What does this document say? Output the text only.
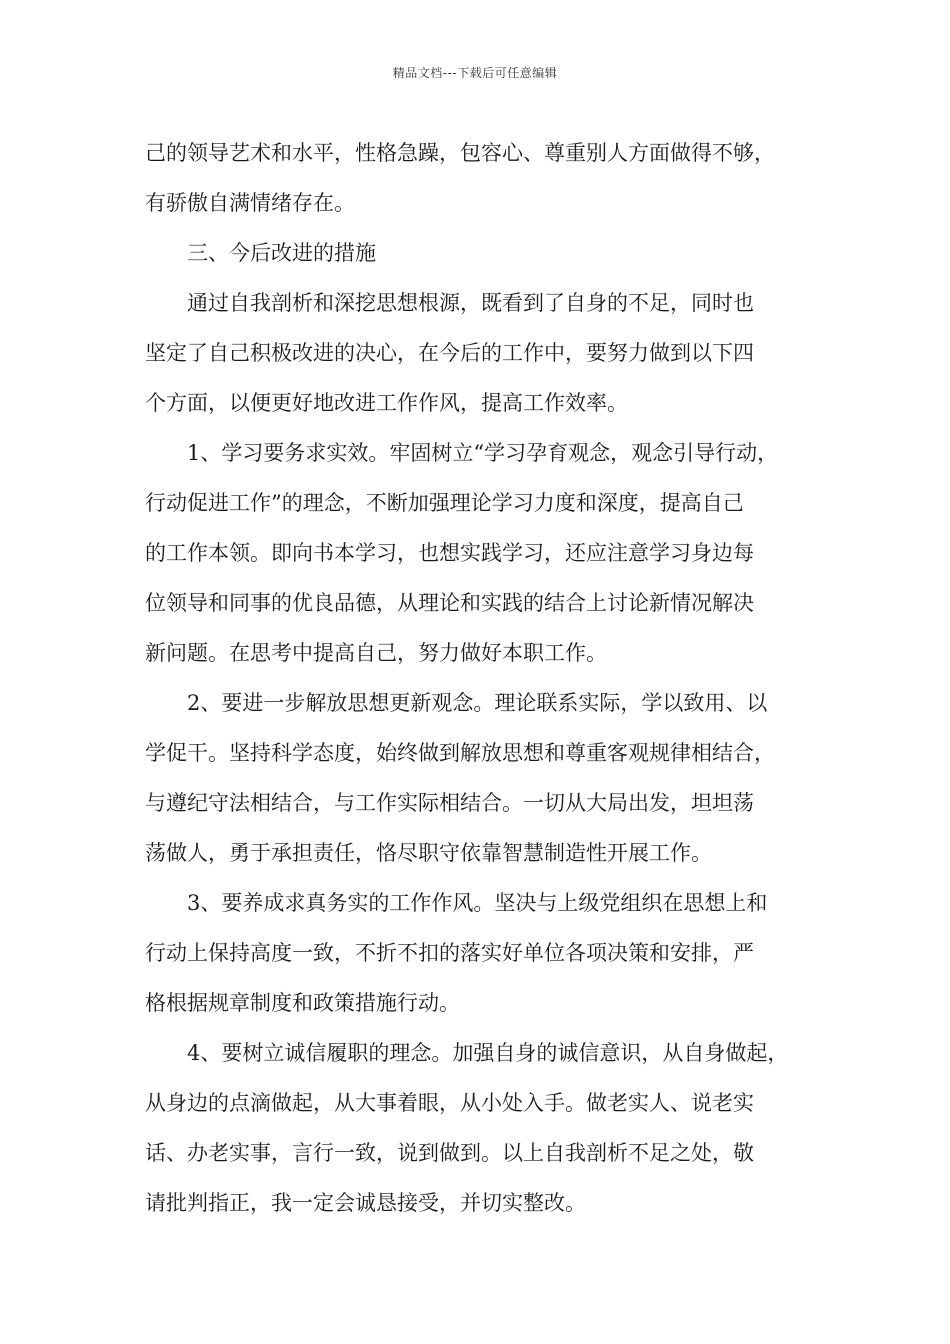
精品文档---下载后可任意编辑
己的领导艺术和水平，性格急躁，包容心、尊重别人方面做得不够，
有骄傲自满情绪存在。
三、今后改进的措施
通过自我剖析和深挖思想根源，既看到了自身的不足，同时也
坚定了自己积极改进的决心，在今后的工作中，要努力做到以下四
个方面，以便更好地改进工作作风，提高工作效率。
1、学习要务求实效。牢固树立“学习孕育观念，观念引导行动，
行动促进工作”的理念，不断加强理论学习力度和深度，提高自己
的工作本领。即向书本学习，也想实践学习，还应注意学习身边每
位领导和同事的优良品德，从理论和实践的结合上讨论新情况解决
新问题。在思考中提高自己，努力做好本职工作。
2、要进一步解放思想更新观念。理论联系实际，学以致用、以
学促干。坚持科学态度，始终做到解放思想和尊重客观规律相结合，
与遵纪守法相结合，与工作实际相结合。一切从大局出发，坦坦荡
荡做人，勇于承担责任，恪尽职守依靠智慧制造性开展工作。
3、要养成求真务实的工作作风。坚决与上级党组织在思想上和
行动上保持高度一致，不折不扣的落实好单位各项决策和安排，严
格根据规章制度和政策措施行动。
4、要树立诚信履职的理念。加强自身的诚信意识，从自身做起，
从身边的点滴做起，从大事着眼，从小处入手。做老实人、说老实
话、办老实事，言行一致，说到做到。以上自我剖析不足之处，敬
请批判指正，我一定会诚恳接受，并切实整改。
